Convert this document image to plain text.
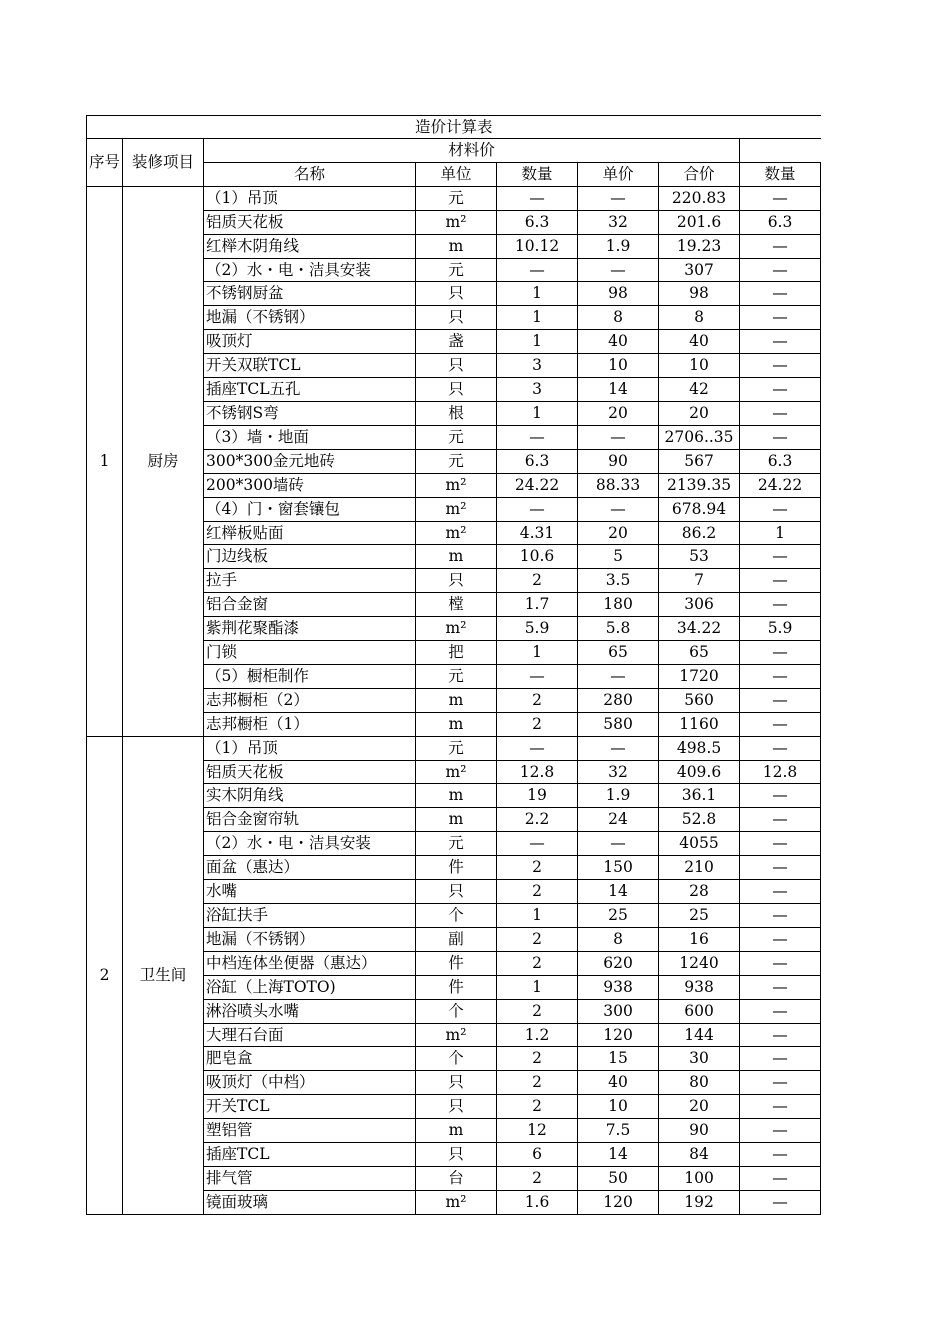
造价计算表							
序号	装修项目	材料价					
		名称	单位	数量	单价	合价	数量
1	厨房	（1）吊顶	元	—	—	220.83	—
		铝质天花板	m²	6.3	32	201.6	6.3
		红榉木阴角线	m	10.12	1.9	19.23	—
		（2）水・电・洁具安装	元	—	—	307	—
		不锈钢厨盆	只	1	98	98	—
		地漏（不锈钢）	只	1	8	8	—
		吸顶灯	盏	1	40	40	—
		开关双联TCL	只	3	10	10	—
		插座TCL五孔	只	3	14	42	—
		不锈钢S弯	根	1	20	20	—
		（3）墙・地面	元	—	—	2706..35	—
		300*300金元地砖	元	6.3	90	567	6.3
		200*300墙砖	m²	24.22	88.33	2139.35	24.22
		（4）门・窗套镶包	m²	—	—	678.94	—
		红榉板贴面	m²	4.31	20	86.2	1
		门边线板	m	10.6	5	53	—
		拉手	只	2	3.5	7	—
		铝合金窗	樘	1.7	180	306	—
		紫荆花聚酯漆	m²	5.9	5.8	34.22	5.9
		门锁	把	1	65	65	—
		（5）橱柜制作	元	—	—	1720	—
		志邦橱柜（2）	m	2	280	560	—
		志邦橱柜（1）	m	2	580	1160	—
2	卫生间	（1）吊顶	元	—	—	498.5	—
		铝质天花板	m²	12.8	32	409.6	12.8
		实木阴角线	m	19	1.9	36.1	—
		铝合金窗帘轨	m	2.2	24	52.8	—
		（2）水・电・洁具安装	元	—	—	4055	—
		面盆（惠达）	件	2	150	210	—
		水嘴	只	2	14	28	—
		浴缸扶手	个	1	25	25	—
		地漏（不锈钢）	副	2	8	16	—
		中档连体坐便器（惠达）	件	2	620	1240	—
		浴缸（上海TOTO)	件	1	938	938	—
		淋浴喷头水嘴	个	2	300	600	—
		大理石台面	m²	1.2	120	144	—
		肥皂盒	个	2	15	30	—
		吸顶灯（中档）	只	2	40	80	—
		开关TCL	只	2	10	20	—
		塑铝管	m	12	7.5	90	—
		插座TCL	只	6	14	84	—
		排气管	台	2	50	100	—
		镜面玻璃	m²	1.6	120	192	—
